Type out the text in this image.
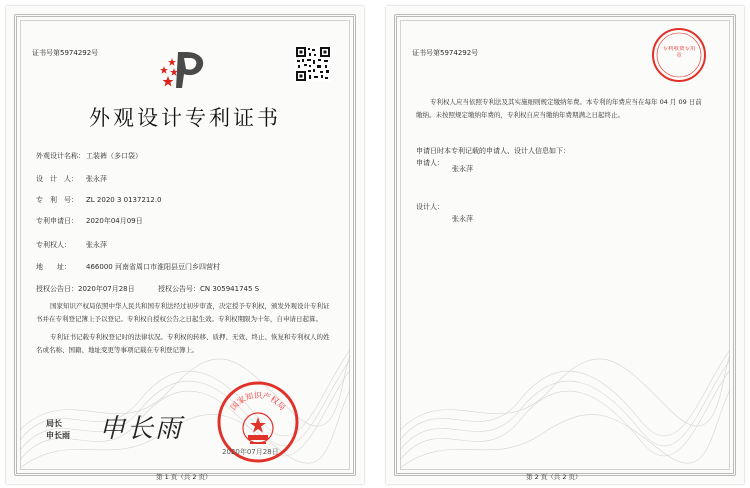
证书号第5974292号
外观设计专利证书
外观设计名称：工装裤（多口袋）
设　计　人： 张永萍
专　利　号： ZL 2020 3 0137212.0
专利申请日： 2020年04月09日
专利权人： 张永萍
地　　址： 466000 河南省周口市淮阳县豆门乡四营村
授权公告日：2020年07月28日	授权公告号：CN 305941745 S
国家知识产权局依照中华人民共和国专利法经过初步审查，决定授予专利权，颁发外观设计专利证书并在专利登记簿上予以登记。专利权自授权公告之日起生效。专利权期限为十年，自申请日起算。
专利证书记载专利权登记时的法律状况。专利权的转移、质押、无效、终止、恢复和专利权人的姓名或名称、国籍、地址变更等事项记载在专利登记簿上。
国家知识产权局
2020年07月28日
局长
申长雨 申长雨
第 1 页（共 2 页）
证书号第5974292号	专利收费专用章
专利权人应当依照专利法及其实施细则规定缴纳年费。本专利的年费应当在每年 04 月 09 日前缴纳。未按照规定缴纳年费的，专利权自应当缴纳年费期满之日起终止。
申请日时本专利记载的申请人、设计人信息如下：
申请人：
张永萍
设计人：
张永萍
第 2 页（共 2 页）
